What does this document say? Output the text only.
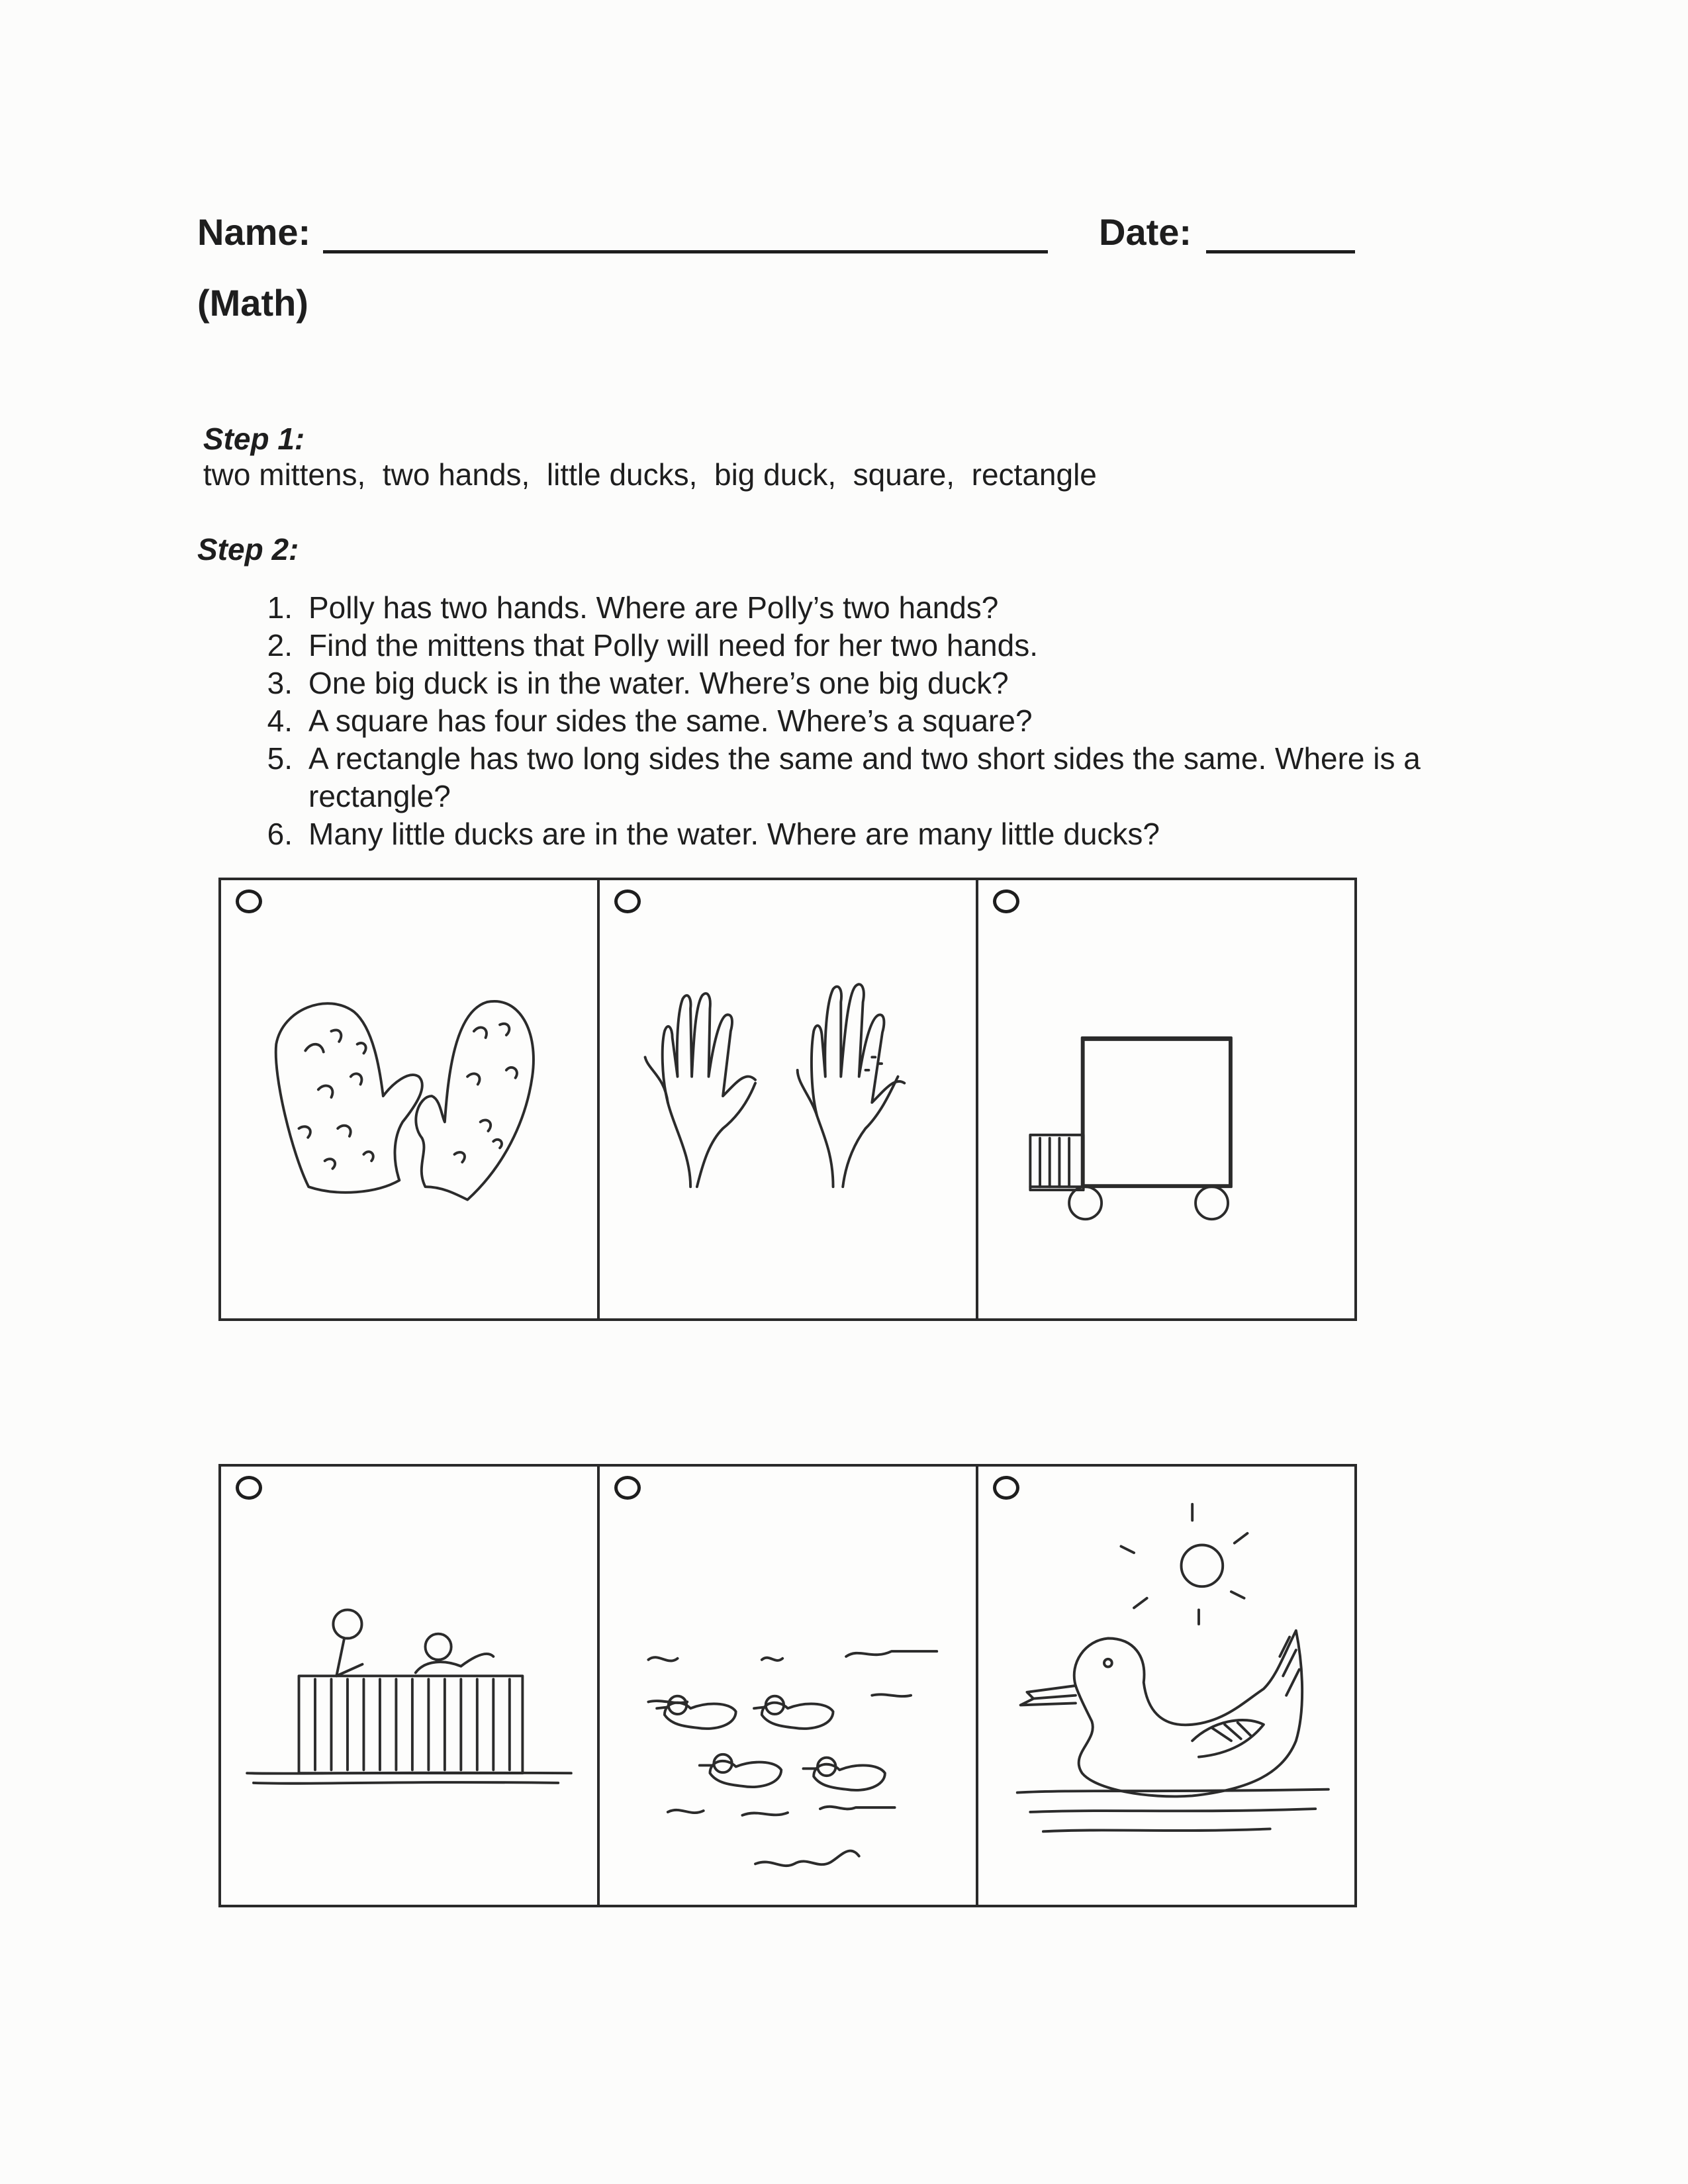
Name:	Date:
(Math)

Step 1:
two mittens,  two hands,  little ducks,  big duck,  square,  rectangle

Step 2:
1. Polly has two hands. Where are Polly’s two hands?
2. Find the mittens that Polly will need for her two hands.
3. One big duck is in the water. Where’s one big duck?
4. A square has four sides the same. Where’s a square?
5. A rectangle has two long sides the same and two short sides the same. Where is a rectangle?
6. Many little ducks are in the water. Where are many little ducks?
